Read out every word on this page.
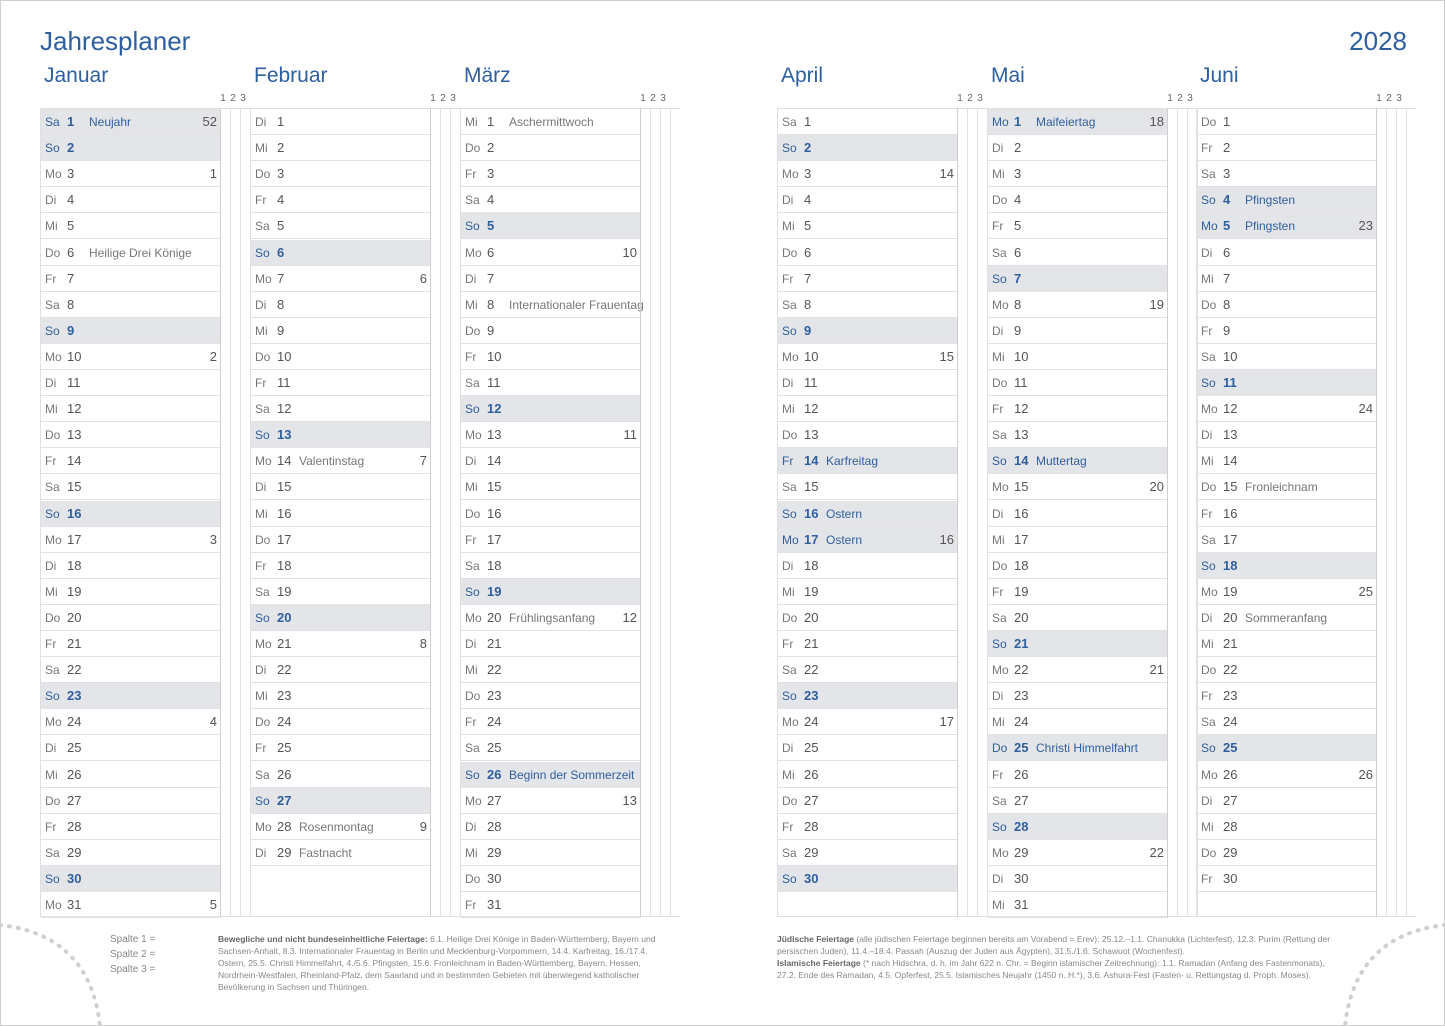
Jahresplaner	2028
Januar
1 2 3
Sa 1 Neujahr	52
So 2
Mo 3	1
Di 4
Mi 5
Do 6 Heilige Drei Könige
Fr 7
Sa 8
So 9
Mo 10	2
Di 11
Mi 12
Do 13
Fr 14
Sa 15
So 16
Mo 17	3
Di 18
Mi 19
Do 20
Fr 21
Sa 22
So 23
Mo 24	4
Di 25
Mi 26
Do 27
Fr 28
Sa 29
So 30
Mo 31	5
Februar
1 2 3
Di 1
Mi 2
Do 3
Fr 4
Sa 5
So 6
Mo 7	6
Di 8
Mi 9
Do 10
Fr 11
Sa 12
So 13
Mo 14 Valentinstag	7
Di 15
Mi 16
Do 17
Fr 18
Sa 19
So 20
Mo 21	8
Di 22
Mi 23
Do 24
Fr 25
Sa 26
So 27
Mo 28 Rosenmontag	9
Di 29 Fastnacht
März
1 2 3
Mi 1 Aschermittwoch
Do 2
Fr 3
Sa 4
So 5
Mo 6	10
Di 7
Mi 8 Internationaler Frauentag
Do 9
Fr 10
Sa 11
So 12
Mo 13	11
Di 14
Mi 15
Do 16
Fr 17
Sa 18
So 19
Mo 20 Frühlingsanfang 12
Di 21
Mi 22
Do 23
Fr 24
Sa 25
So 26 Beginn der Sommerzeit
Mo 27	13
Di 28
Mi 29
Do 30
Fr 31
April
1 2 3
Sa 1
So 2
Mo 3	14
Di 4
Mi 5
Do 6
Fr 7
Sa 8
So 9
Mo 10	15
Di 11
Mi 12
Do 13
Fr 14 Karfreitag
Sa 15
So 16 Ostern
Mo 17 Ostern	16
Di 18
Mi 19
Do 20
Fr 21
Sa 22
So 23
Mo 24	17
Di 25
Mi 26
Do 27
Fr 28
Sa 29
So 30
Mai
1 2 3
Mo 1 Maifeiertag	18
Di 2
Mi 3
Do 4
Fr 5
Sa 6
So 7
Mo 8	19
Di 9
Mi 10
Do 11
Fr 12
Sa 13
So 14 Muttertag
Mo 15	20
Di 16
Mi 17
Do 18
Fr 19
Sa 20
So 21
Mo 22	21
Di 23
Mi 24
Do 25 Christi Himmelfahrt
Fr 26
Sa 27
So 28
Mo 29	22
Di 30
Mi 31
Juni
1 2 3
Do 1
Fr 2
Sa 3
So 4 Pfingsten
Mo 5 Pfingsten	23
Di 6
Mi 7
Do 8
Fr 9
Sa 10
So 11
Mo 12	24
Di 13
Mi 14
Do 15 Fronleichnam
Fr 16
Sa 17
So 18
Mo 19	25
Di 20 Sommeranfang
Mi 21
Do 22
Fr 23
Sa 24
So 25
Mo 26	26
Di 27
Mi 28
Do 29
Fr 30
Spalte 1 =
Spalte 2 =
Spalte 3 =
Bewegliche und nicht bundeseinheitliche Feiertage: 6.1. Heilige Drei Könige in Baden-Württemberg, Bayern und Sachsen-Anhalt, 8.3. Internationaler Frauentag in Berlin und Mecklenburg-Vorpommern, 14.4. Karfreitag, 16./17.4. Ostern, 25.5. Christi Himmelfahrt, 4./5.6. Pfingsten, 15.6. Fronleichnam in Baden-Württemberg, Bayern, Hessen, Nordrhein-Westfalen, Rheinland-Pfalz, dem Saarland und in bestimmten Gebieten mit überwiegend katholischer Bevölkerung in Sachsen und Thüringen.
Jüdische Feiertage (alle jüdischen Feiertage beginnen bereits am Vorabend = Erev): 25.12.–1.1. Chanukka (Lichterfest), 12.3. Purim (Rettung der persischen Juden), 11.4.–18.4. Passah (Auszug der Juden aus Ägypten), 31.5./1.6. Schawuot (Wochenfest).
Islamische Feiertage (* nach Hidschra, d. h. im Jahr 622 n. Chr. = Beginn islamischer Zeitrechnung): 1.1. Ramadan (Anfang des Fastenmonats), 27.2. Ende des Ramadan, 4.5. Opferfest, 25.5. Islamisches Neujahr (1450 n. H.*), 3.6. Ashura-Fest (Fasten- u. Rettungstag d. Proph. Moses).
